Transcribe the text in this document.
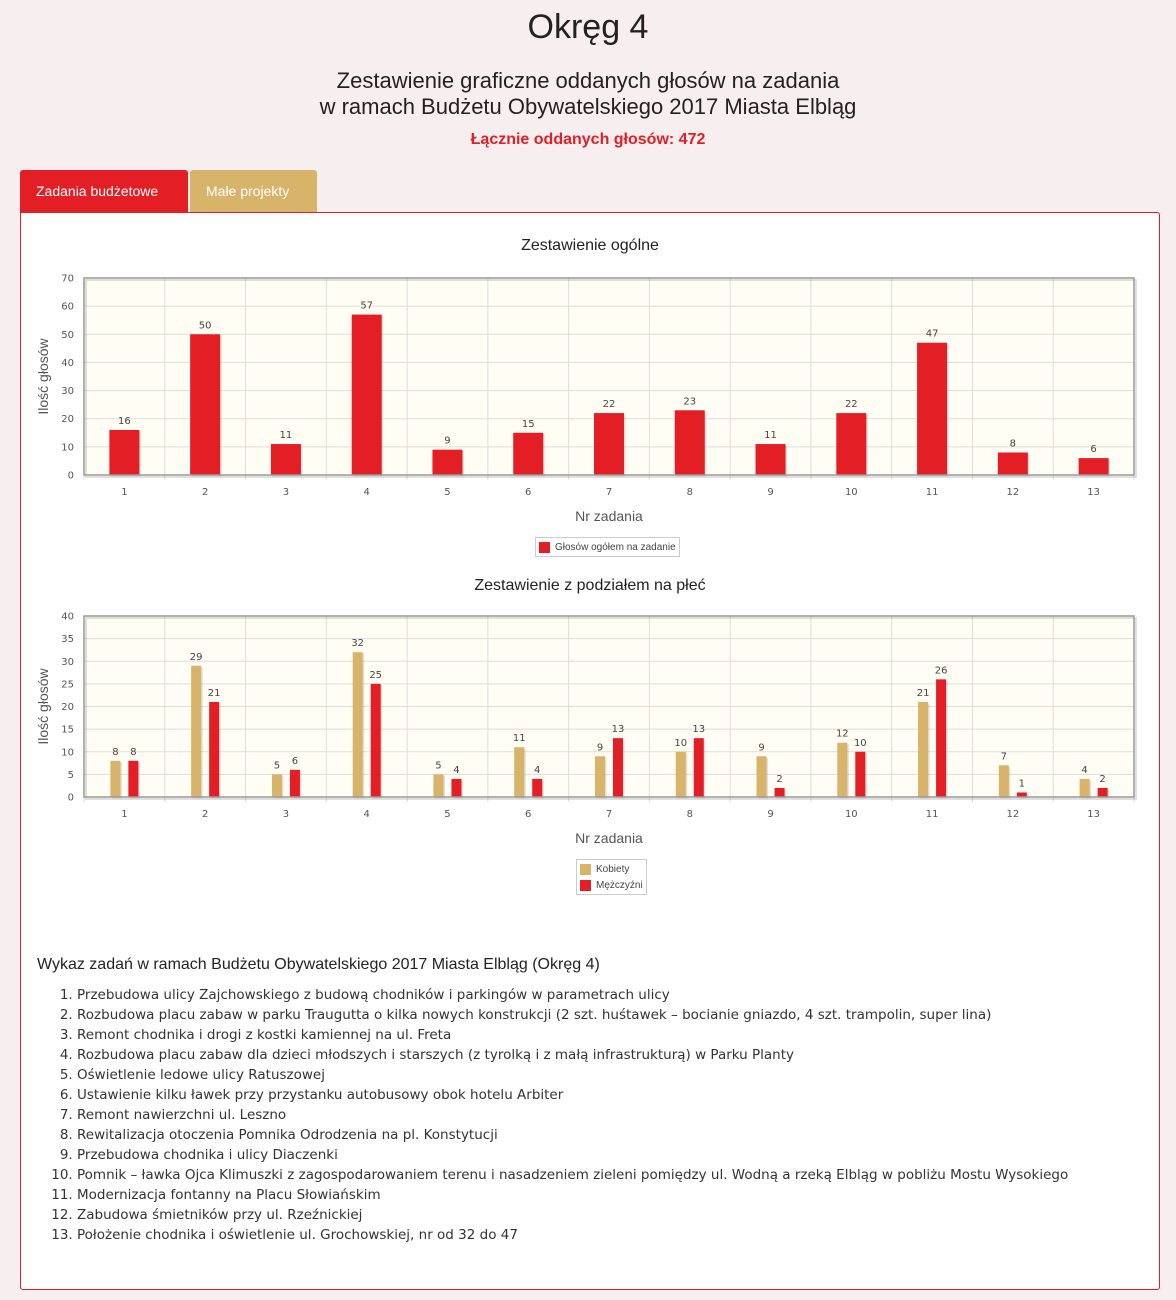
Okręg 4
Zestawienie graficzne oddanych głosów na zadania
w ramach Budżetu Obywatelskiego 2017 Miasta Elbląg
Łącznie oddanych głosów: 472
Zadania budżetowe	Małe projekty
Zestawienie ogólne
0
10
20
30
40
50
60
70
1	2	3	4	5	6	7	8	9	10	11	12	13
16
50
11
57
9
15
22	23
11
22
47
8
6
Nr zadania
Ilość głosów
Głosów ogółem na zadanie
Zestawienie z podziałem na płeć
0
5
10
15
20
25
30
35
40
1	2	3	4	5	6	7	8	9	10	11	12	13
8
29
5
32
5
11
9	10	9
12
21
7
4
8
21
6
25
4	4
13	13
2
10
26
1	2
Nr zadania
Ilość głosów
Kobiety
Mężczyźni
Wykaz zadań w ramach Budżetu Obywatelskiego 2017 Miasta Elbląg (Okręg 4)
1. Przebudowa ulicy Zajchowskiego z budową chodników i parkingów w parametrach ulicy
2. Rozbudowa placu zabaw w parku Traugutta o kilka nowych konstrukcji (2 szt. huśtawek – bocianie gniazdo, 4 szt. trampolin, super lina)
3. Remont chodnika i drogi z kostki kamiennej na ul. Freta
4. Rozbudowa placu zabaw dla dzieci młodszych i starszych (z tyrolką i z małą infrastrukturą) w Parku Planty
5. Oświetlenie ledowe ulicy Ratuszowej
6. Ustawienie kilku ławek przy przystanku autobusowy obok hotelu Arbiter
7. Remont nawierzchni ul. Leszno
8. Rewitalizacja otoczenia Pomnika Odrodzenia na pl. Konstytucji
9. Przebudowa chodnika i ulicy Diaczenki
10. Pomnik – ławka Ojca Klimuszki z zagospodarowaniem terenu i nasadzeniem zieleni pomiędzy ul. Wodną a rzeką Elbląg w pobliżu Mostu Wysokiego
11. Modernizacja fontanny na Placu Słowiańskim
12. Zabudowa śmietników przy ul. Rzeźnickiej
13. Położenie chodnika i oświetlenie ul. Grochowskiej, nr od 32 do 47
